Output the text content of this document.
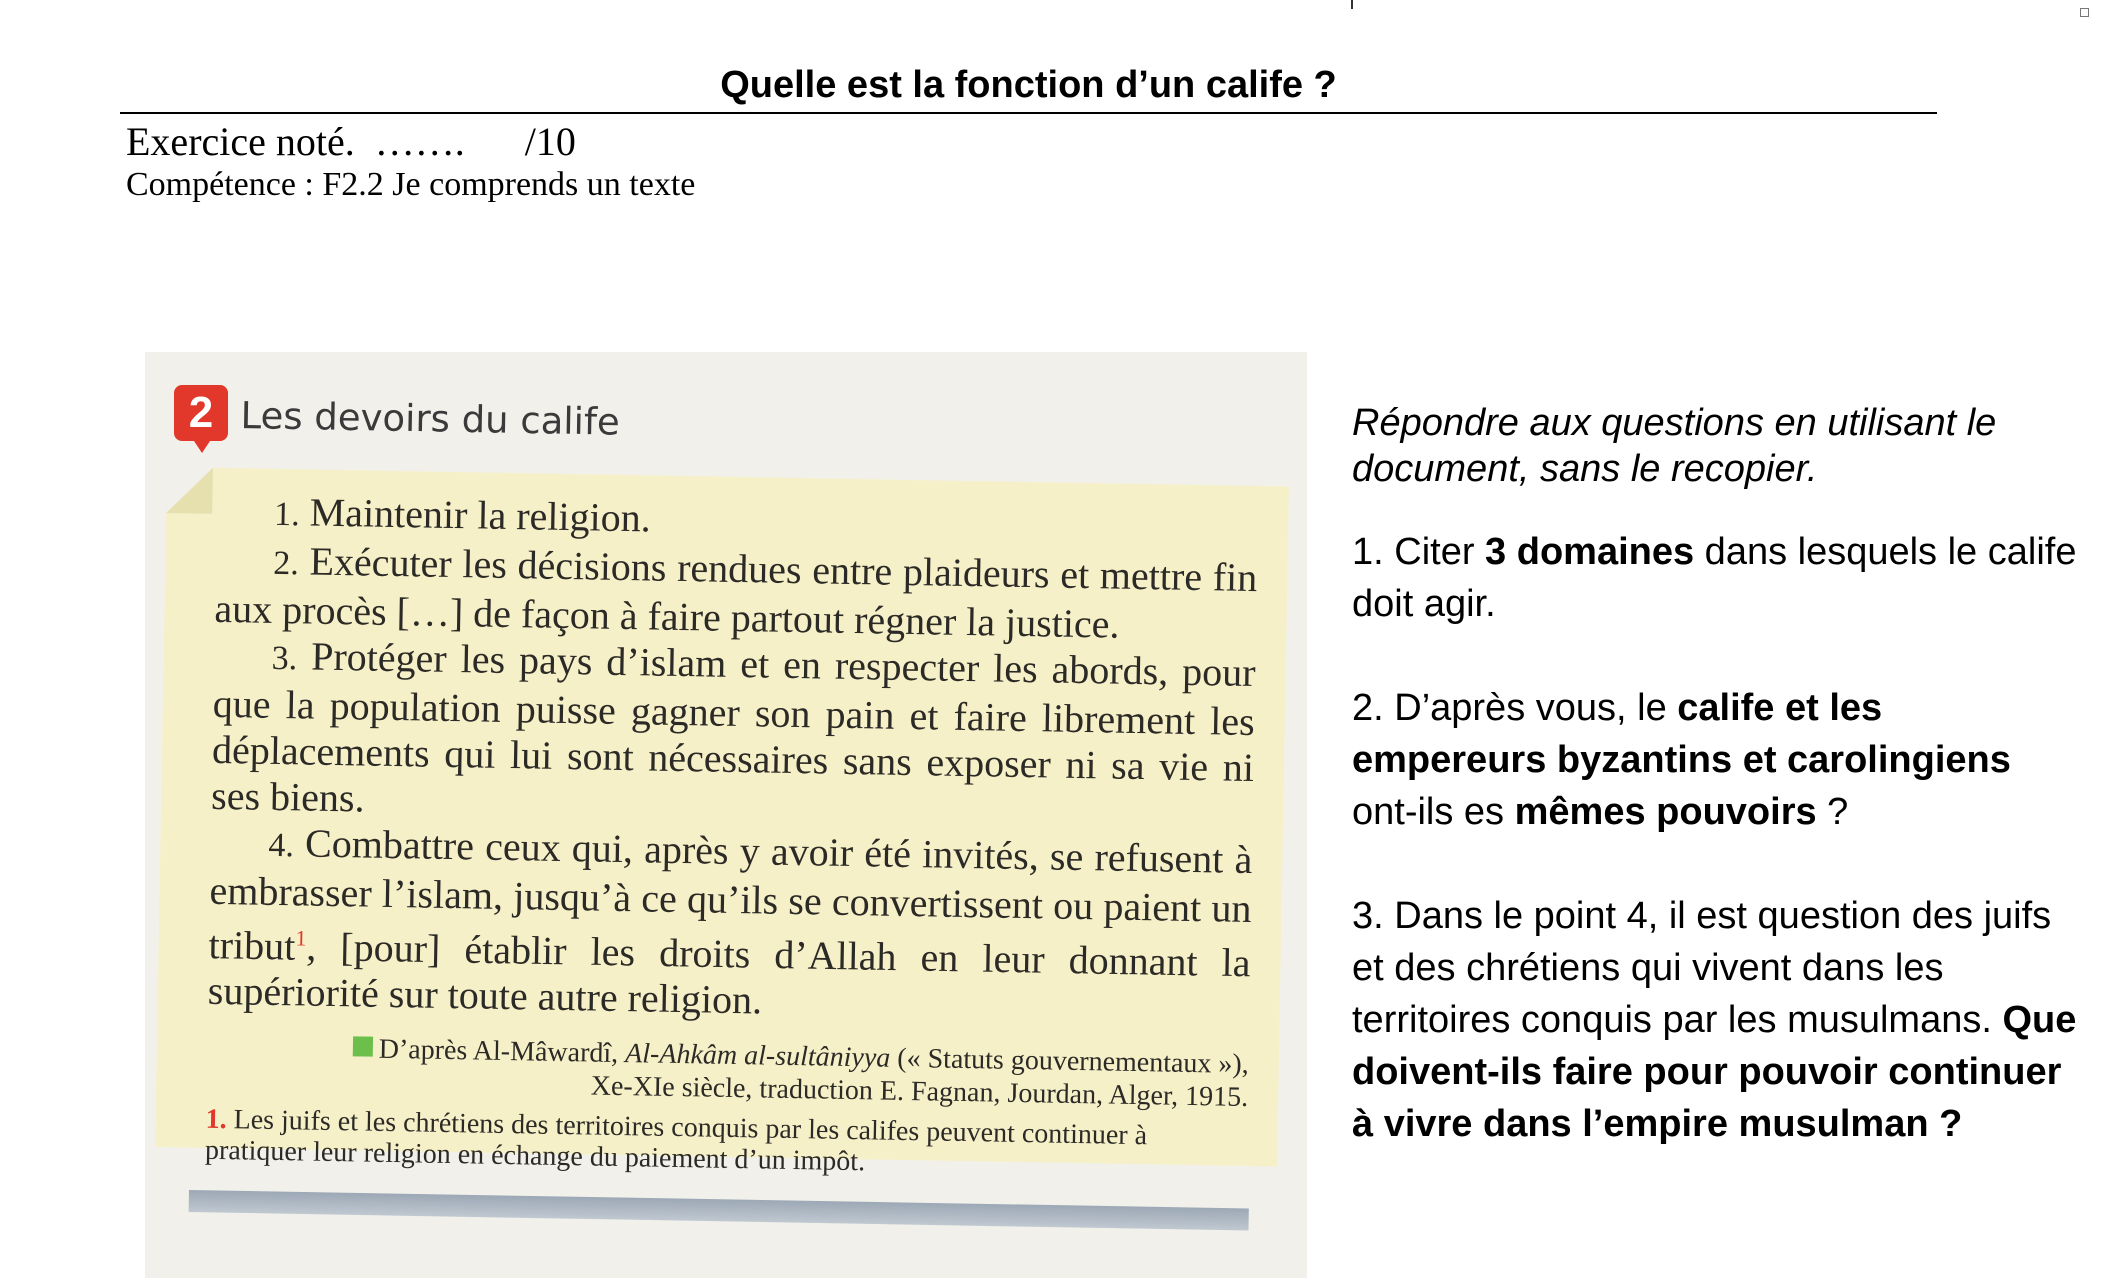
Quelle est la fonction d’un calife ?
Exercice noté.  …….      /10
Compétence : F2.2 Je comprends un texte
2 Les devoirs du calife

1. Maintenir la religion.

2. Exécuter les décisions rendues entre plaideurs et mettre fin aux procès […] de façon à faire partout régner la justice.

3. Protéger les pays d’islam et en respecter les abords, pour que la population puisse gagner son pain et faire librement les déplacements qui lui sont nécessaires sans exposer ni sa vie ni ses biens.

4. Combattre ceux qui, après y avoir été invités, se refusent à embrasser l’islam, jusqu’à ce qu’ils se convertissent ou paient un tribut$^1$, [pour] établir les droits d’Allah en leur donnant la supériorité sur toute autre religion.

D’après Al-Mâwardî, Al-Ahkâm al-sultâniyya (« Statuts gouvernementaux »),
Xe-XIe siècle, traduction E. Fagnan, Jourdan, Alger, 1915.
1. Les juifs et les chrétiens des territoires conquis par les califes peuvent continuer à pratiquer leur religion en échange du paiement d’un impôt.

Répondre aux questions en utilisant le document, sans le recopier.

1. Citer 3 domaines dans lesquels le calife doit agir.

2. D’après vous, le calife et les empereurs byzantins et carolingiens ont-ils es mêmes pouvoirs ?

3. Dans le point 4, il est question des juifs et des chrétiens qui vivent dans les territoires conquis par les musulmans. Que doivent-ils faire pour pouvoir continuer à vivre dans l’empire musulman ?
